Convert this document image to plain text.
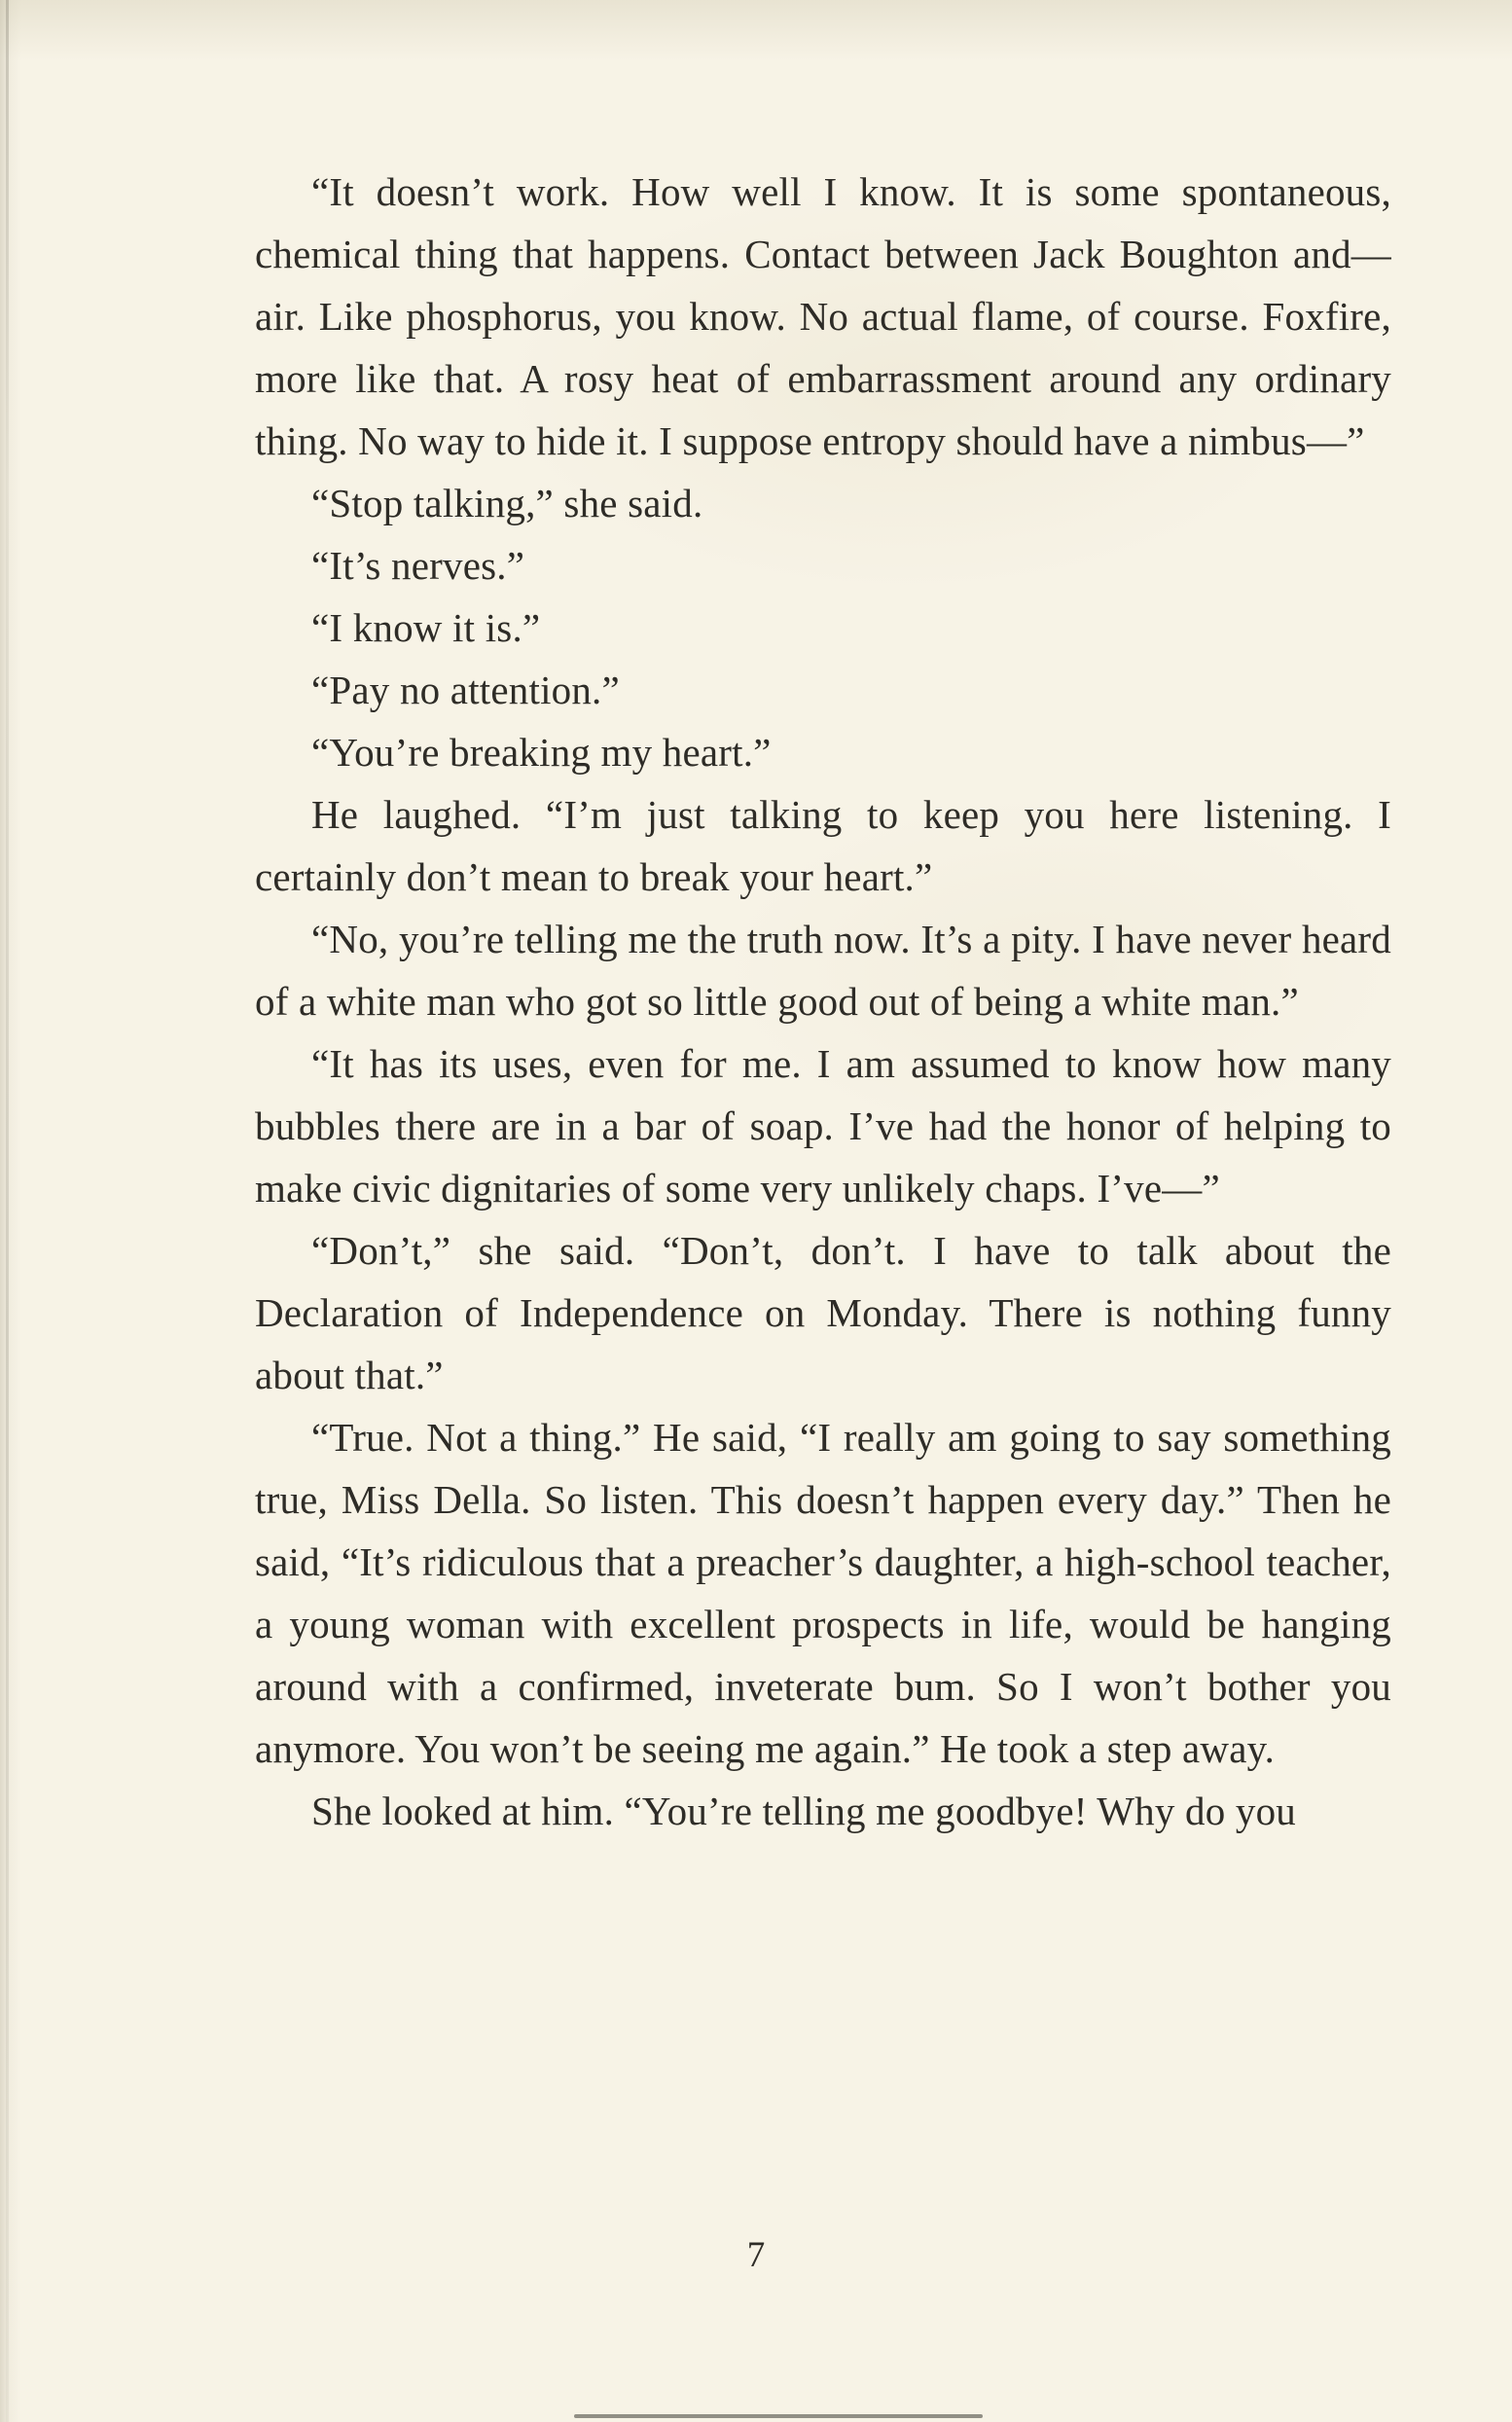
“It doesn’t work. How well I know. It is some spontaneous, chemical thing that happens. Contact between Jack Boughton and—air. Like phosphorus, you know. No actual flame, of course. Foxfire, more like that. A rosy heat of embarrassment around any ordinary thing. No way to hide it. I suppose entropy should have a nimbus—”

“Stop talking,” she said.

“It’s nerves.”

“I know it is.”

“Pay no attention.”

“You’re breaking my heart.”

He laughed. “I’m just talking to keep you here listening. I certainly don’t mean to break your heart.”

“No, you’re telling me the truth now. It’s a pity. I have never heard of a white man who got so little good out of being a white man.”

“It has its uses, even for me. I am assumed to know how many bubbles there are in a bar of soap. I’ve had the honor of helping to make civic dignitaries of some very unlikely chaps. I’ve—”

“Don’t,” she said. “Don’t, don’t. I have to talk about the Declaration of Independence on Monday. There is nothing funny about that.”

“True. Not a thing.” He said, “I really am going to say something true, Miss Della. So listen. This doesn’t happen every day.” Then he said, “It’s ridiculous that a preacher’s daughter, a high-school teacher, a young woman with excellent prospects in life, would be hanging around with a confirmed, inveterate bum. So I won’t bother you anymore. You won’t be seeing me again.” He took a step away.

She looked at him. “You’re telling me goodbye! Why do you

7
